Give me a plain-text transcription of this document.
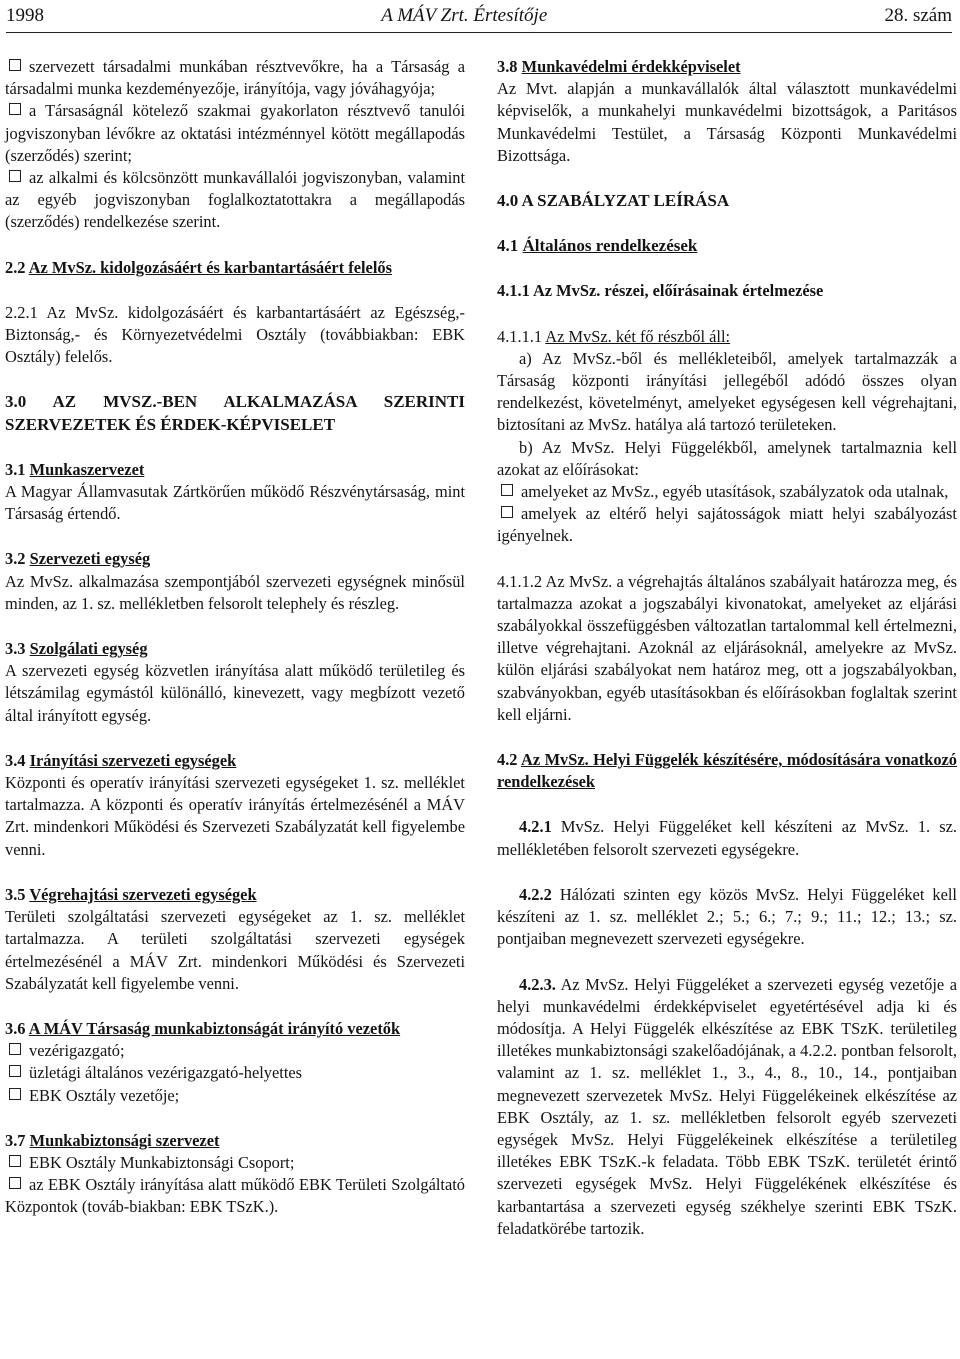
1998	A MÁV Zrt. Értesítője	28. szám

szervezett társadalmi munkában résztvevőkre, ha a Társaság a társadalmi munka kezdeményezője, irányítója, vagy jóváhagyója;

a Társaságnál kötelező szakmai gyakorlaton résztvevő tanulói jogviszonyban lévőkre az oktatási intézménnyel kötött megállapodás (szerződés) szerint;

az alkalmi és kölcsönzött munkavállalói jogviszonyban, valamint az egyéb jogviszonyban foglalkoztatottakra a megállapodás (szerződés) rendelkezése szerint.

2.2 Az MvSz. kidolgozásáért és karbantartásáért felelős

2.2.1 Az MvSz. kidolgozásáért és karbantartásáért az Egészség,- Biztonság,- és Környezetvédelmi Osztály (továbbiakban: EBK Osztály) felelős.

3.0 AZ MVSZ.-BEN ALKALMAZÁSA SZERINTI SZERVEZETEK ÉS ÉRDEK-KÉPVISELET

3.1 Munkaszervezet

A Magyar Államvasutak Zártkörűen működő Részvénytársaság, mint Társaság értendő.

3.2 Szervezeti egység

Az MvSz. alkalmazása szempontjából szervezeti egységnek minősül minden, az 1. sz. mellékletben felsorolt telephely és részleg.

3.3 Szolgálati egység

A szervezeti egység közvetlen irányítása alatt működő területileg és létszámilag egymástól különálló, kinevezett, vagy megbízott vezető által irányított egység.

3.4 Irányítási szervezeti egységek

Központi és operatív irányítási szervezeti egységeket 1. sz. melléklet tartalmazza. A központi és operatív irányítás értelmezésénél a MÁV Zrt. mindenkori Működési és Szervezeti Szabályzatát kell figyelembe venni.

3.5 Végrehajtási szervezeti egységek

Területi szolgáltatási szervezeti egységeket az 1. sz. melléklet tartalmazza. A területi szolgáltatási szervezeti egységek értelmezésénél a MÁV Zrt. mindenkori Működési és Szervezeti Szabályzatát kell figyelembe venni.

3.6 A MÁV Társaság munkabiztonságát irányító vezetők

vezérigazgató;

üzletági általános vezérigazgató-helyettes

EBK Osztály vezetője;

3.7 Munkabiztonsági szervezet

EBK Osztály Munkabiztonsági Csoport;

az EBK Osztály irányítása alatt működő EBK Területi Szolgáltató Központok (továb-biakban: EBK TSzK.).

3.8 Munkavédelmi érdekképviselet

Az Mvt. alapján a munkavállalók által választott munkavédelmi képviselők, a munkahelyi munkavédelmi bizottságok, a Paritásos Munkavédelmi Testület, a Társaság Központi Munkavédelmi Bizottsága.

4.0 A SZABÁLYZAT LEÍRÁSA

4.1 Általános rendelkezések

4.1.1 Az MvSz. részei, előírásainak értelmezése

4.1.1.1 Az MvSz. két fő részből áll:

a) Az MvSz.-ből és mellékleteiből, amelyek tartalmazzák a Társaság központi irányítási jellegéből adódó összes olyan rendelkezést, követelményt, amelyeket egységesen kell végrehajtani, biztosítani az MvSz. hatálya alá tartozó területeken.

b) Az MvSz. Helyi Függelékből, amelynek tartalmaznia kell azokat az előírásokat:

amelyeket az MvSz., egyéb utasítások, szabályzatok oda utalnak,

amelyek az eltérő helyi sajátosságok miatt helyi szabályozást igényelnek.

4.1.1.2 Az MvSz. a végrehajtás általános szabályait határozza meg, és tartalmazza azokat a jogszabályi kivonatokat, amelyeket az eljárási szabályokkal összefüggésben változatlan tartalommal kell értelmezni, illetve végrehajtani. Azoknál az eljárásoknál, amelyekre az MvSz. külön eljárási szabályokat nem határoz meg, ott a jogszabályokban, szabványokban, egyéb utasításokban és előírásokban foglaltak szerint kell eljárni.

4.2 Az MvSz. Helyi Függelék készítésére, módosítására vonatkozó rendelkezések

4.2.1 MvSz. Helyi Függeléket kell készíteni az MvSz. 1. sz. mellékletében felsorolt szervezeti egységekre.

4.2.2 Hálózati szinten egy közös MvSz. Helyi Függeléket kell készíteni az 1. sz. melléklet 2.; 5.; 6.; 7.; 9.; 11.; 12.; 13.; sz. pontjaiban megnevezett szervezeti egységekre.

4.2.3. Az MvSz. Helyi Függeléket a szervezeti egység vezetője a helyi munkavédelmi érdekképviselet egyetértésével adja ki és módosítja. A Helyi Függelék elkészítése az EBK TSzK. területileg illetékes munkabiztonsági szakelőadójának, a 4.2.2. pontban felsorolt, valamint az 1. sz. melléklet 1., 3., 4., 8., 10., 14., pontjaiban megnevezett szervezetek MvSz. Helyi Függelékeinek elkészítése az EBK Osztály, az 1. sz. mellékletben felsorolt egyéb szervezeti egységek MvSz. Helyi Függelékeinek elkészítése a területileg illetékes EBK TSzK.-k feladata. Több EBK TSzK. területét érintő szervezeti egységek MvSz. Helyi Függelékének elkészítése és karbantartása a szervezeti egység székhelye szerinti EBK TSzK. feladatkörébe tartozik.
